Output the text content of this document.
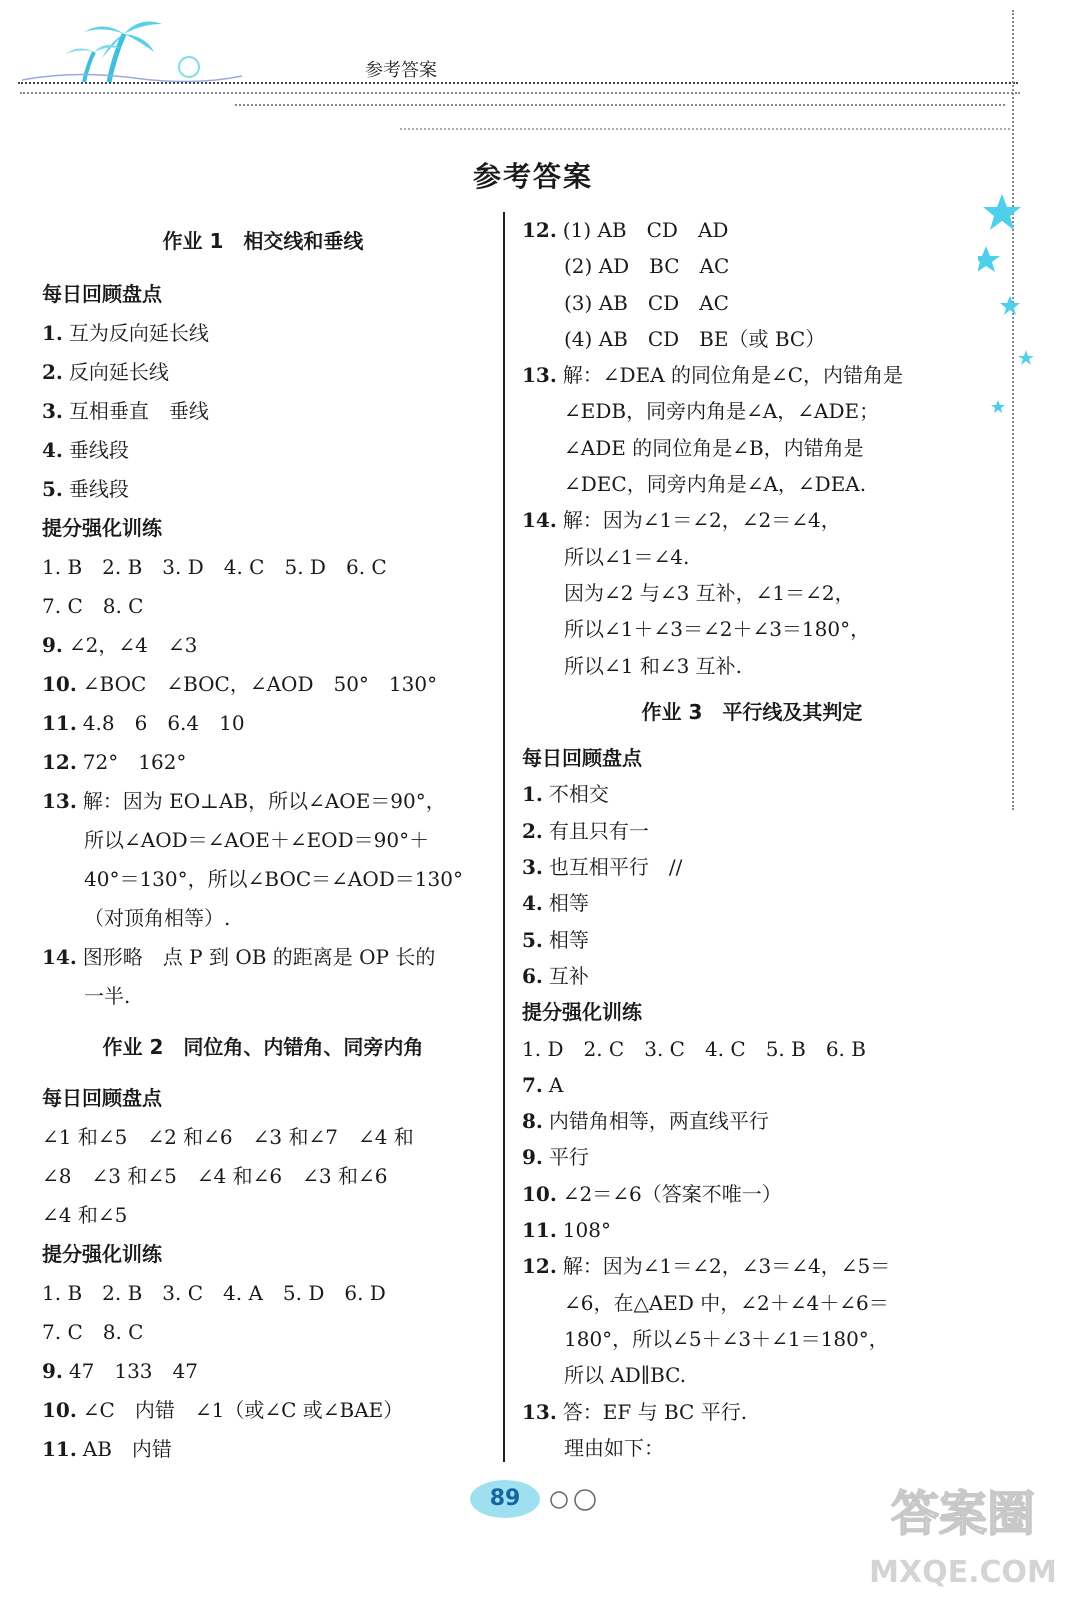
参考答案
参考答案
作业 1　相交线和垂线
每日回顾盘点
1. 互为反向延长线
2. 反向延长线
3. 互相垂直　垂线
4. 垂线段
5. 垂线段
提分强化训练
1. B　2. B　3. D　4. C　5. D　6. C
7. C　8. C
9. ∠2，∠4　∠3
10. ∠BOC　∠BOC，∠AOD　50°　130°
11. 4.8　6　6.4　10
12. 72°　162°
13. 解：因为 EO⊥AB，所以∠AOE＝90°，
所以∠AOD＝∠AOE＋∠EOD＝90°＋
40°＝130°，所以∠BOC＝∠AOD＝130°
（对顶角相等）.
14. 图形略　点 P 到 OB 的距离是 OP 长的
一半.
作业 2　同位角、内错角、同旁内角
每日回顾盘点
∠1 和∠5　∠2 和∠6　∠3 和∠7　∠4 和
∠8　∠3 和∠5　∠4 和∠6　∠3 和∠6
∠4 和∠5
提分强化训练
1. B　2. B　3. C　4. A　5. D　6. D
7. C　8. C
9. 47　133　47
10. ∠C　内错　∠1（或∠C 或∠BAE）
11. AB　内错
12. (1) AB　CD　AD
(2) AD　BC　AC
(3) AB　CD　AC
(4) AB　CD　BE（或 BC）
13. 解：∠DEA 的同位角是∠C，内错角是
∠EDB，同旁内角是∠A，∠ADE；
∠ADE 的同位角是∠B，内错角是
∠DEC，同旁内角是∠A，∠DEA.
14. 解：因为∠1＝∠2，∠2＝∠4，
所以∠1＝∠4.
因为∠2 与∠3 互补，∠1＝∠2，
所以∠1＋∠3＝∠2＋∠3＝180°，
所以∠1 和∠3 互补.
作业 3　平行线及其判定
每日回顾盘点
1. 不相交
2. 有且只有一
3. 也互相平行　//
4. 相等
5. 相等
6. 互补
提分强化训练
1. D　2. C　3. C　4. C　5. B　6. B
7. A
8. 内错角相等，两直线平行
9. 平行
10. ∠2＝∠6（答案不唯一）
11. 108°
12. 解：因为∠1＝∠2，∠3＝∠4，∠5＝
∠6，在△AED 中，∠2＋∠4＋∠6＝
180°，所以∠5＋∠3＋∠1＝180°，
所以 AD∥BC.
13. 答：EF 与 BC 平行.
理由如下：
89	答案圈
MXQE.COM
